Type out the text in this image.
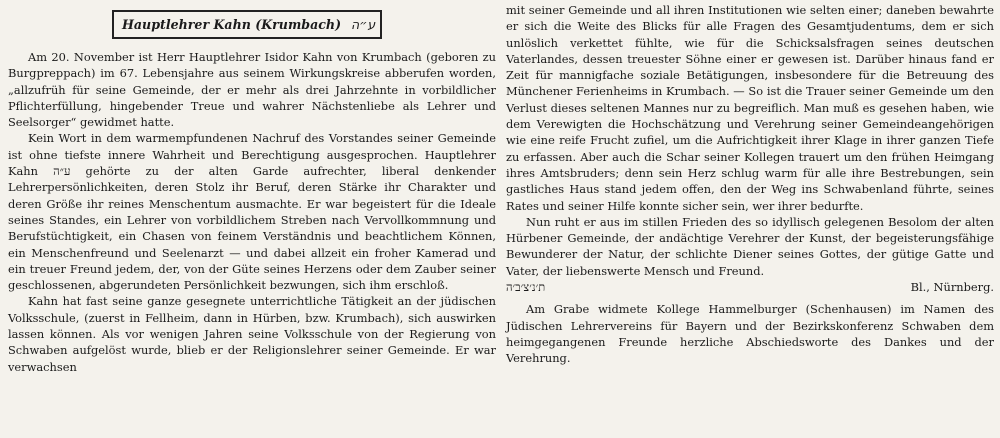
Hauptlehrer Kahn (Krumbach) ע״ה

Am 20. November ist Herr Hauptlehrer Isidor Kahn von Krumbach (geboren zu Burgpreppach) im 67. Lebensjahre aus seinem Wirkungskreise abberufen worden, „allzufrüh für seine Gemeinde, der er mehr als drei Jahrzehnte in vorbildlicher Pflichterfüllung, hingebender Treue und wahrer Nächstenliebe als Lehrer und Seelsorger“ gewidmet hatte.

Kein Wort in dem warmempfundenen Nachruf des Vorstandes seiner Gemeinde ist ohne tiefste innere Wahrheit und Berechtigung ausgesprochen. Hauptlehrer Kahn ע״ה gehörte zu der alten Garde aufrechter, liberal denkender Lehrerpersönlichkeiten, deren Stolz ihr Beruf, deren Stärke ihr Charakter und deren Größe ihr reines Menschentum ausmachte. Er war begeistert für die Ideale seines Standes, ein Lehrer von vorbildlichem Streben nach Vervollkommnung und Berufstüchtigkeit, ein Chasen von feinem Verständnis und beachtlichem Können, ein Menschenfreund und Seelenarzt — und dabei allzeit ein froher Kamerad und ein treuer Freund jedem, der, von der Güte seines Herzens oder dem Zauber seiner geschlossenen, abgerundeten Persönlichkeit bezwungen, sich ihm erschloß.

Kahn hat fast seine ganze gesegnete unterrichtliche Tätigkeit an der jüdischen Volksschule, (zuerst in Fellheim, dann in Hürben, bzw. Krumbach), sich auswirken lassen können. Als vor wenigen Jahren seine Volksschule von der Regierung von Schwaben aufgelöst wurde, blieb er der Religionslehrer seiner Gemeinde. Er war verwachsen

mit seiner Gemeinde und all ihren Institutionen wie selten einer; daneben bewahrte er sich die Weite des Blicks für alle Fragen des Gesamtjudentums, dem er sich unlöslich verkettet fühlte, wie für die Schicksalsfragen seines deutschen Vaterlandes, dessen treuester Söhne einer er gewesen ist. Darüber hinaus fand er Zeit für mannigfache soziale Betätigungen, insbesondere für die Betreuung des Münchener Ferienheims in Krumbach. — So ist die Trauer seiner Gemeinde um den Verlust dieses seltenen Mannes nur zu begreiflich. Man muß es gesehen haben, wie dem Verewigten die Hochschätzung und Verehrung seiner Gemeindeangehörigen wie eine reife Frucht zufiel, um die Aufrichtigkeit ihrer Klage in ihrer ganzen Tiefe zu erfassen. Aber auch die Schar seiner Kollegen trauert um den frühen Heimgang ihres Amtsbruders; denn sein Herz schlug warm für alle ihre Bestrebungen, sein gastliches Haus stand jedem offen, den der Weg ins Schwabenland führte, seines Rates und seiner Hilfe konnte sicher sein, wer ihrer bedurfte.

Nun ruht er aus im stillen Frieden des so idyllisch gelegenen Besolom der alten Hürbener Gemeinde, der andächtige Verehrer der Kunst, der begeisterungsfähige Bewunderer der Natur, der schlichte Diener seines Gottes, der gütige Gatte und Vater, der liebenswerte Mensch und Freund.

ת׳נ׳צ׳ב׳ה	Bl., Nürnberg.

Am Grabe widmete Kollege Hammelburger (Schenhausen) im Namen des Jüdischen Lehrervereins für Bayern und der Bezirkskonferenz Schwaben dem heimgegangenen Freunde herzliche Abschiedsworte des Dankes und der Verehrung.
